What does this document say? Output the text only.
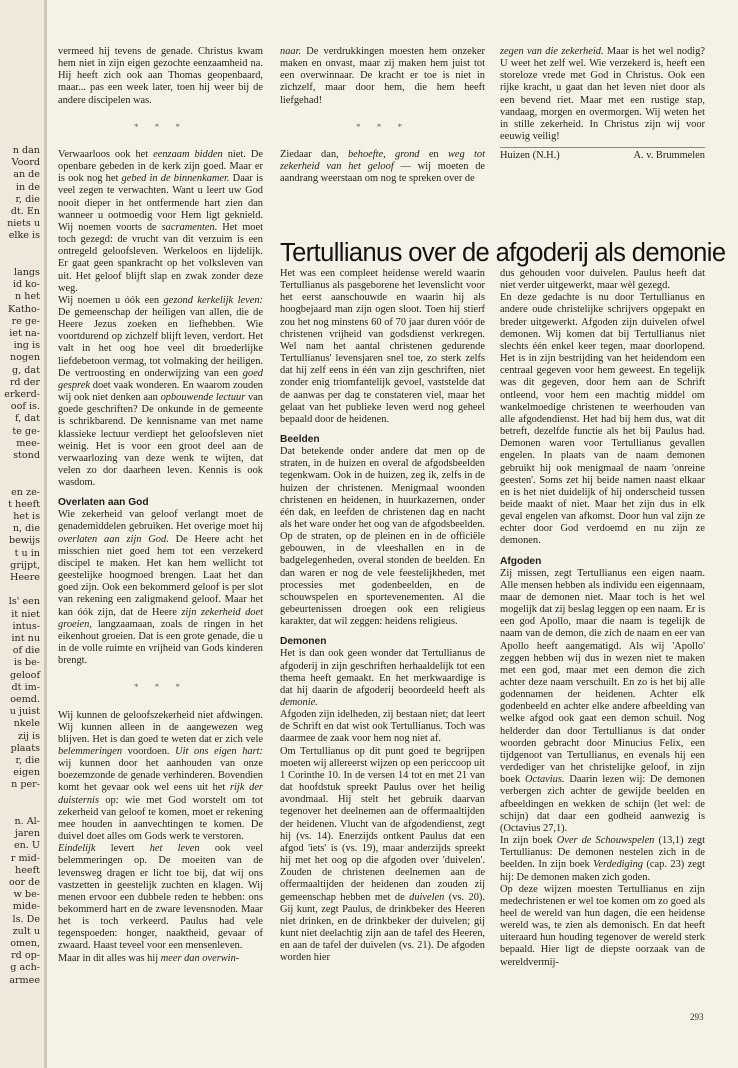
n dan
Voord
an de
in de
r, die
dt. En
niets u
elke is
langs
id ko-
n het
Katho-
re ge-
iet na-
ing is
nogen
g, dat
rd der
erkerd-
oof is.
f, dat
te ge-
mee-
stond
en ze-
t heeft
het is
n, die
bewijs
t u in
grijpt,
Heere
ls' een
it niet
intus-
int nu
of die
is be-
geloof
dt im-
oemd.
u juist
nkele
zij is
plaats
r, die
eigen
n per-
n. Al-
jaren
en. U
r mid-
heeft
oor de
w be-
mide-
ls. De
zult u
omen,
rd op-
g ach-
armee

vermeed hij tevens de genade. Christus kwam hem niet in zijn eigen gezochte eenzaamheid na. Hij heeft zich ook aan Thomas geopenbaard, maar... pas een week later, toen hij weer bij de andere discipelen was.

* * *

Verwaarloos ook het eenzaam bidden niet. De openbare gebeden in de kerk zijn goed. Maar er is ook nog het gebed in de binnenkamer. Daar is veel zegen te verwachten. Want u leert uw God nooit dieper in het ontfermende hart zien dan wanneer u ootmoedig voor Hem ligt geknield. Wij noemen voorts de sacramenten. Het moet toch gezegd: de vrucht van dit verzuim is een ontregeld geloofsleven. Werkeloos en lijdelijk. Er gaat geen spankracht op het volksleven van uit. Het geloof blijft slap en zwak zonder deze weg.

Wij noemen u óók een gezond kerkelijk leven: De gemeenschap der heiligen van allen, die de Heere Jezus zoeken en liefhebben. Wie voortdurend op zichzelf blijft leven, verdort. Het valt in het oog hoe veel dit broederlijke liefdebetoon vermag, tot volmaking der heiligen. De vertroosting en onderwijzing van een goed gesprek doet vaak wonderen. En waarom zouden wij ook niet denken aan opbouwende lectuur van goede geschriften? De onkunde in de gemeente is schrikbarend. De kennisname van met name klassieke lectuur verdiept het geloofsleven niet weinig. Het is voor een groot deel aan de verwaarlozing van deze wenk te wijten, dat velen zo dor daarheen leven. Kennis is ook wasdom.

Overlaten aan God

Wie zekerheid van geloof verlangt moet de genademiddelen gebruiken. Het overige moet hij overlaten aan zijn God. De Heere acht het misschien niet goed hem tot een verzekerd discipel te maken. Het kan hem wellicht tot geestelijke hoogmoed brengen. Laat het dan goed zijn. Ook een bekommerd geloof is per slot van rekening een zaligmakend geloof. Maar het kan óók zijn, dat de Heere zijn zekerheid doet groeien, langzaamaan, zoals de ringen in het eikenhout groeien. Dat is een grote genade, die u in de volle ruimte en vrijheid van Gods kinderen brengt.

* * *

Wij kunnen de geloofszekerheid niet afdwingen. Wij kunnen alleen in de aangewezen weg blijven. Het is dan goed te weten dat er zich vele belemmeringen voordoen. Uit ons eigen hart: wij kunnen door het aanhouden van onze boezemzonde de genade verhinderen. Bovendien komt het gevaar ook wel eens uit het rijk der duisternis op: wie met God worstelt om tot zekerheid van geloof te komen, moet er rekening mee houden in aanvechtingen te komen. De duivel doet alles om Gods werk te verstoren.

Eindelijk levert het leven ook veel belemmeringen op. De moeiten van de levensweg dragen er licht toe bij, dat wij ons vastzetten in geestelijk zuchten en klagen. Wij menen ervoor een dubbele reden te hebben: ons bekommerd hart en de zware levensnoden. Maar het is toch verkeerd. Paulus had vele tegenspoeden: honger, naaktheid, gevaar of zwaard. Haast teveel voor een mensenleven.

Maar in dit alles was hij meer dan overwin-

naar. De verdrukkingen moesten hem onzeker maken en onvast, maar zij maken hem juist tot een overwinnaar. De kracht er toe is niet in zichzelf, maar door hem, die hem heeft liefgehad!

* * *

Ziedaar dan, behoefte, grond en weg tot zekerheid van het geloof — wij moeten de aandrang weerstaan om nog te spreken over de

zegen van die zekerheid. Maar is het wel nodig? U weet het zelf wel. Wie verzekerd is, heeft een storeloze vrede met God in Christus. Ook een rijke kracht, u gaat dan het leven niet door als een bevend riet. Maar met een rustige stap, vandaag, morgen en overmorgen. Wij weten het in stille zekerheid. In Christus zijn wij voor eeuwig veilig!

Huizen (N.H.)	A. v. Brummelen
Tertullianus over de afgoderij als demonie

Het was een compleet heidense wereld waarin Tertullianus als pasgeborene het levenslicht voor het eerst aanschouwde en waarin hij als hoogbejaard man zijn ogen sloot. Toen hij stierf zou het nog minstens 60 of 70 jaar duren vóór de christenen vrijheid van godsdienst verkregen. Wel nam het aantal christenen gedurende Tertullianus' levensjaren snel toe, zo sterk zelfs dat hij zelf eens in één van zijn geschriften, niet zonder enig triomfantelijk gevoel, vaststelde dat de aanwas per dag te constateren viel, maar het gelaat van het publieke leven werd nog geheel bepaald door de heidenen.

Beelden

Dat betekende onder andere dat men op de straten, in de huizen en overal de afgodsbeelden tegenkwam. Ook in de huizen, zeg ik, zelfs in de huizen der christenen. Menigmaal woonden christenen en heidenen, in huurkazernen, onder één dak, en leefden de christenen dag en nacht als het ware onder het oog van de afgodsbeelden. Op de straten, op de pleinen en in de officiële gebouwen, in de vleeshallen en in de badgelegenheden, overal stonden de beelden. En dan waren er nog de vele feestelijkheden, met processies met godenbeelden, en de schouwspelen en sportevenementen. Al die gebeurtenissen droegen ook een religieus karakter, dat wil zeggen: heidens religieus.

Demonen

Het is dan ook geen wonder dat Tertullianus de afgoderij in zijn geschriften herhaaldelijk tot een thema heeft gemaakt. En het merkwaardige is dat hij daarin de afgoderij beoordeeld heeft als demonie.

Afgoden zijn idelheden, zij bestaan niet; dat leert de Schrift en dat wist ook Tertullianus. Toch was daarmee de zaak voor hem nog niet af.

Om Tertullianus op dit punt goed te begrijpen moeten wij allereerst wijzen op een periccoop uit 1 Corinthe 10. In de versen 14 tot en met 21 van dat hoofdstuk spreekt Paulus over het heilig avondmaal. Hij stelt het gebruik daarvan tegenover het deelnemen aan de offermaaltijden der heidenen. Vlucht van de afgodendienst, zegt hij (vs. 14). Enerzijds ontkent Paulus dat een afgod 'iets' is (vs. 19), maar anderzijds spreekt hij met het oog op die afgoden over 'duivelen'. Zouden de christenen deelnemen aan de offermaaltijden der heidenen dan zouden zij gemeenschap hebben met de duivelen (vs. 20). Gij kunt, zegt Paulus, de drinkbeker des Heeren niet drinken, en de drinkbeker der duivelen; gij kunt niet deelachtig zijn aan de tafel des Heeren, en aan de tafel der duivelen (vs. 21). De afgoden worden hier

dus gehouden voor duivelen. Paulus heeft dat niet verder uitgewerkt, maar wèl gezegd.

En deze gedachte is nu door Tertullianus en andere oude christelijke schrijvers opgepakt en breder uitgewerkt. Afgoden zijn duivelen ofwel demonen. Wij komen dat bij Tertullianus niet slechts één enkel keer tegen, maar doorlopend. Het is in zijn bestrijding van het heidendom een centraal gegeven voor hem geweest. En tegelijk was dit gegeven, door hem aan de Schrift ontleend, voor hem een machtig middel om wankelmoedige christenen te weerhouden van alle afgodendienst. Het had bij hem dus, wat dit betreft, dezelfde functie als het bij Paulus had. Demonen waren voor Tertullianus gevallen engelen. In plaats van de naam demonen gebruikt hij ook menigmaal de naam 'onreine geesten'. Soms zet hij beide namen naast elkaar en is het niet duidelijk of hij onderscheid tussen beide maakt of niet. Maar het zijn dus in elk geval engelen van afkomst. Door hun val zijn ze echter door God verdoemd en nu zijn ze demonen.

Afgoden

Zij missen, zegt Tertullianus een eigen naam. Alle mensen hebben als individu een eigennaam, maar de demonen niet. Maar toch is het wel mogelijk dat zij beslag leggen op een naam. Er is een god Apollo, maar die naam is tegelijk de naam van de demon, die zich de naam en eer van Apollo heeft aangematigd. Als wij 'Apollo' zeggen hebben wij dus in wezen niet te maken met een god, maar met een demon die zich achter deze naam verschuilt. En zo is het bij alle godennamen der heidenen. Achter elk godenbeeld en achter elke andere afbeelding van welke afgod ook gaat een demon schuil. Nog helderder dan door Tertullianus is dat onder woorden gebracht door Minucius Felix, een tijdgenoot van Tertullianus, en evenals hij een verdediger van het christelijke geloof, in zijn boek Octavius. Daarin lezen wij: De demonen verbergen zich achter de gewijde beelden en afbeeldingen en wekken de schijn (let wel: de schijn) dat daar een godheid aanwezig is (Octavius 27,1).

In zijn boek Over de Schouwspelen (13,1) zegt Tertullianus: De demonen nestelen zich in de beelden. In zijn boek Verdediging (cap. 23) zegt hij: De demonen maken zich goden.

Op deze wijzen moesten Tertullianus en zijn medechristenen er wel toe komen om zo goed als heel de wereld van hun dagen, die een heidense wereld was, te zien als demonisch. En dat heeft uiteraard hun houding tegenover de wereld sterk bepaald. Hier ligt de diepste oorzaak van de wereldvermij-

293
